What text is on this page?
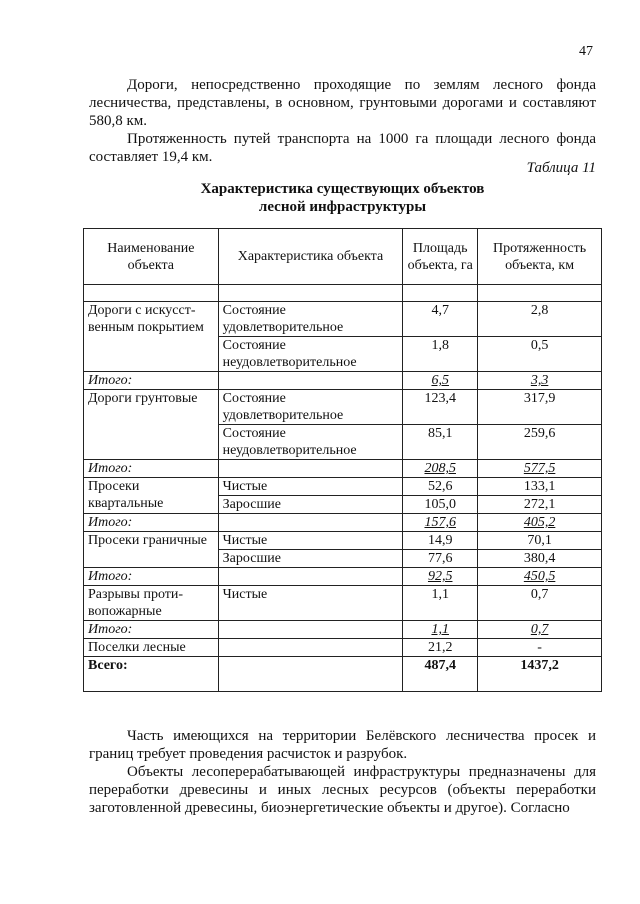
47

Дороги, непосредственно проходящие по землям лесного фонда лесничества, представлены, в основном, грунтовыми дорогами и составляют 580,8 км.

Протяженность путей транспорта на 1000 га площади лесного фонда составляет 19,4 км.

Таблица 11
Характеристика существующих объектов
лесной инфраструктуры
Наименование объекта	Характеристика объекта	Площадь объекта, га	Протяженность объекта, км

Дороги с искусст-венным покрытием	Состояние удовлетворительное	4,7	2,8
	Состояние неудовлетворительное	1,8	0,5
Итого:		6,5	3,3
Дороги грунтовые	Состояние удовлетворительное	123,4	317,9
	Состояние неудовлетворительное	85,1	259,6
Итого:		208,5	577,5
Просеки квартальные	Чистые	52,6	133,1
	Заросшие	105,0	272,1
Итого:		157,6	405,2
Просеки граничные	Чистые	14,9	70,1
	Заросшие	77,6	380,4
Итого:		92,5	450,5
Разрывы проти-вопожарные	Чистые	1,1	0,7
Итого:		1,1	0,7
Поселки лесные		21,2	-
Всего:		487,4	1437,2

Часть имеющихся на территории Белёвского лесничества просек и границ требует проведения расчисток и разрубок.

Объекты лесоперерабатывающей инфраструктуры предназначены для переработки древесины и иных лесных ресурсов (объекты переработки заготовленной древесины, биоэнергетические объекты и другое). Согласно
